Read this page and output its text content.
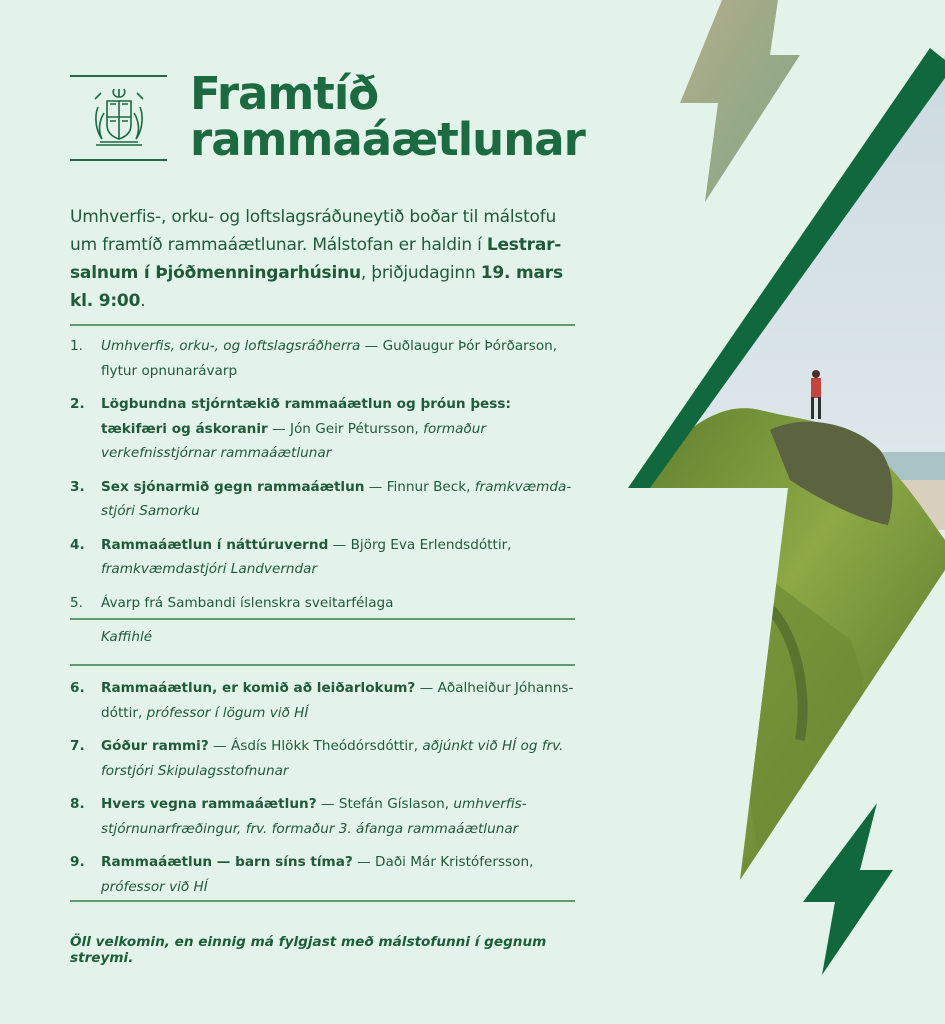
Framtíð
rammaáætlunar
Umhverfis-, orku- og loftslagsráðuneytið boðar til málstofu um framtíð rammaáætlunar. Málstofan er haldin í Lestrar-salnum í Þjóðmenningarhúsinu, þriðjudaginn 19. mars kl. 9:00.
1.	Umhverfis, orku-, og loftslagsráðherra — Guðlaugur Þór Þórðarson, flytur opnunarávarp
2.	Lögbundna stjórntækið rammaáætlun og þróun þess: tækifæri og áskoranir — Jón Geir Pétursson, formaður verkefnisstjórnar rammaáætlunar
3.	Sex sjónarmið gegn rammaáætlun — Finnur Beck, framkvæmda-stjóri Samorku
4.	Rammaáætlun í náttúruvernd — Björg Eva Erlendsdóttir, framkvæmdastjóri Landverndar
5.	Ávarp frá Sambandi íslenskra sveitarfélaga
Kaffihlé
6.	Rammaáætlun, er komið að leiðarlokum? — Aðalheiður Jóhanns-dóttir, prófessor í lögum við HÍ
7.	Góður rammi? — Ásdís Hlökk Theódórsdóttir, aðjúnkt við HÍ og frv. forstjóri Skipulagsstofnunar
8.	Hvers vegna rammaáætlun? — Stefán Gíslason, umhverfis-stjórnunarfræðingur, frv. formaður 3. áfanga rammaáætlunar
9.	Rammaáætlun — barn síns tíma? — Daði Már Kristófersson, prófessor við HÍ
Öll velkomin, en einnig má fylgjast með málstofunni í gegnum streymi.
